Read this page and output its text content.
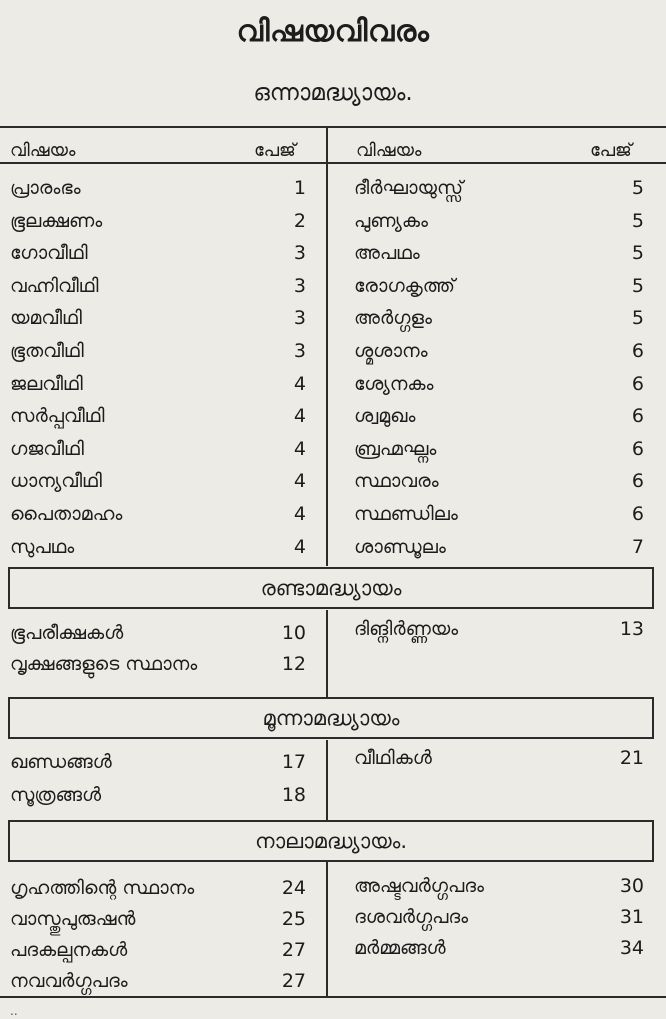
വിഷയവിവരം
ഒന്നാമദ്ധ്യായം.
വിഷയം	പേജ്	വിഷയം	പേജ്
പ്രാരംഭം	1
ഭൂലക്ഷണം	2
ഗോവീഥി	3
വഹ്നിവീഥി	3
യമവീഥി	3
ഭൂതവീഥി	3
ജലവീഥി	4
സർപ്പവീഥി	4
ഗജവീഥി	4
ധാന്യവീഥി	4
പൈതാമഹം	4
സുപഥം	4
ദീർഘായുസ്സ്	5
പുണ്യകം	5
അപഥം	5
രോഗകൃത്ത്	5
അർഗ്ഗളം	5
ശ്മശാനം	6
ശ്യേനകം	6
ശ്വമുഖം	6
ബ്രഹ്മഘ്നം	6
സ്ഥാവരം	6
സ്ഥണ്ഡിലം	6
ശാണ്ഡൂലം	7
രണ്ടാമദ്ധ്യായം
ഭൂപരീക്ഷകൾ	10
വൃക്ഷങ്ങളുടെ സ്ഥാനം	12
ദിങ്നിർണ്ണയം	13
മൂന്നാമദ്ധ്യായം
ഖണ്ഡങ്ങൾ	17
സൂത്രങ്ങൾ	18
വീഥികൾ	21
നാലാമദ്ധ്യായം.
ഗൃഹത്തിന്റെ സ്ഥാനം	24
വാസ്തുപുരുഷൻ	25
പദകല്പനകൾ	27
നവവർഗ്ഗപദം	27
അഷ്ടവർഗ്ഗപദം	30
ദശവർഗ്ഗപദം	31
മർമ്മങ്ങൾ	34
..
